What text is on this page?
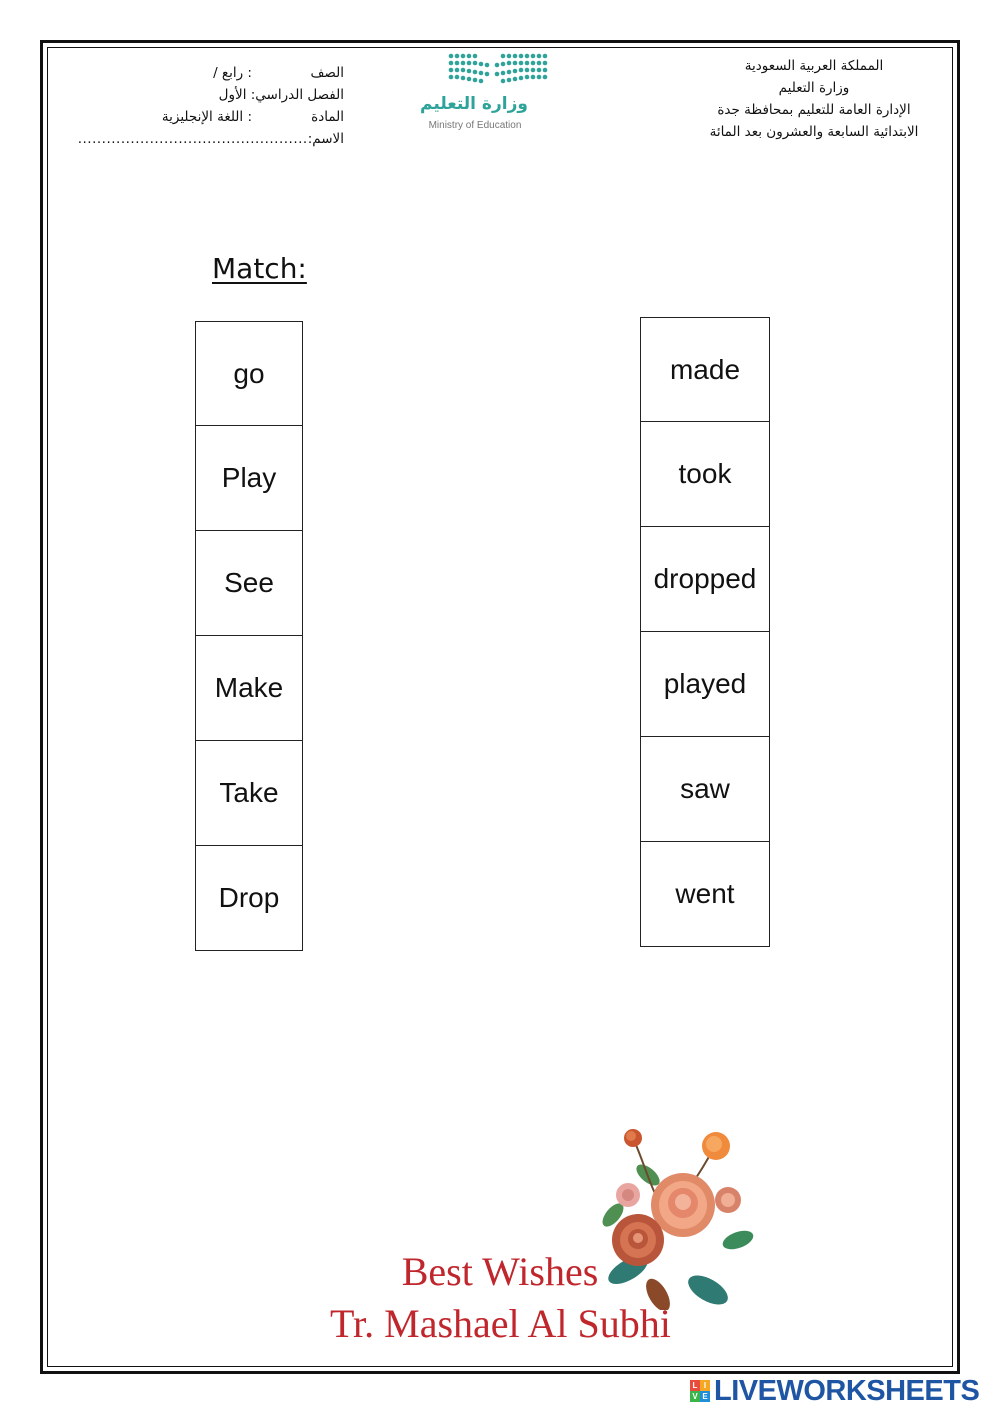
المملكة العربية السعودية
وزارة التعليم
الإدارة العامة للتعليم بمحافظة جدة
الابتدائية السابعة والعشرون بعد المائة
الصف
: رابع /
الفصل الدراسي
: الأول
المادة
: اللغة الإنجليزية
الاسم:
................................................
وزارة التعليم
Ministry of Education
Match:
go
Play
See
Make
Take
Drop
made
took
dropped
played
saw
went
Best Wishes
Tr. Mashael Al Subhi
L I
V E LIVEWORKSHEETS
